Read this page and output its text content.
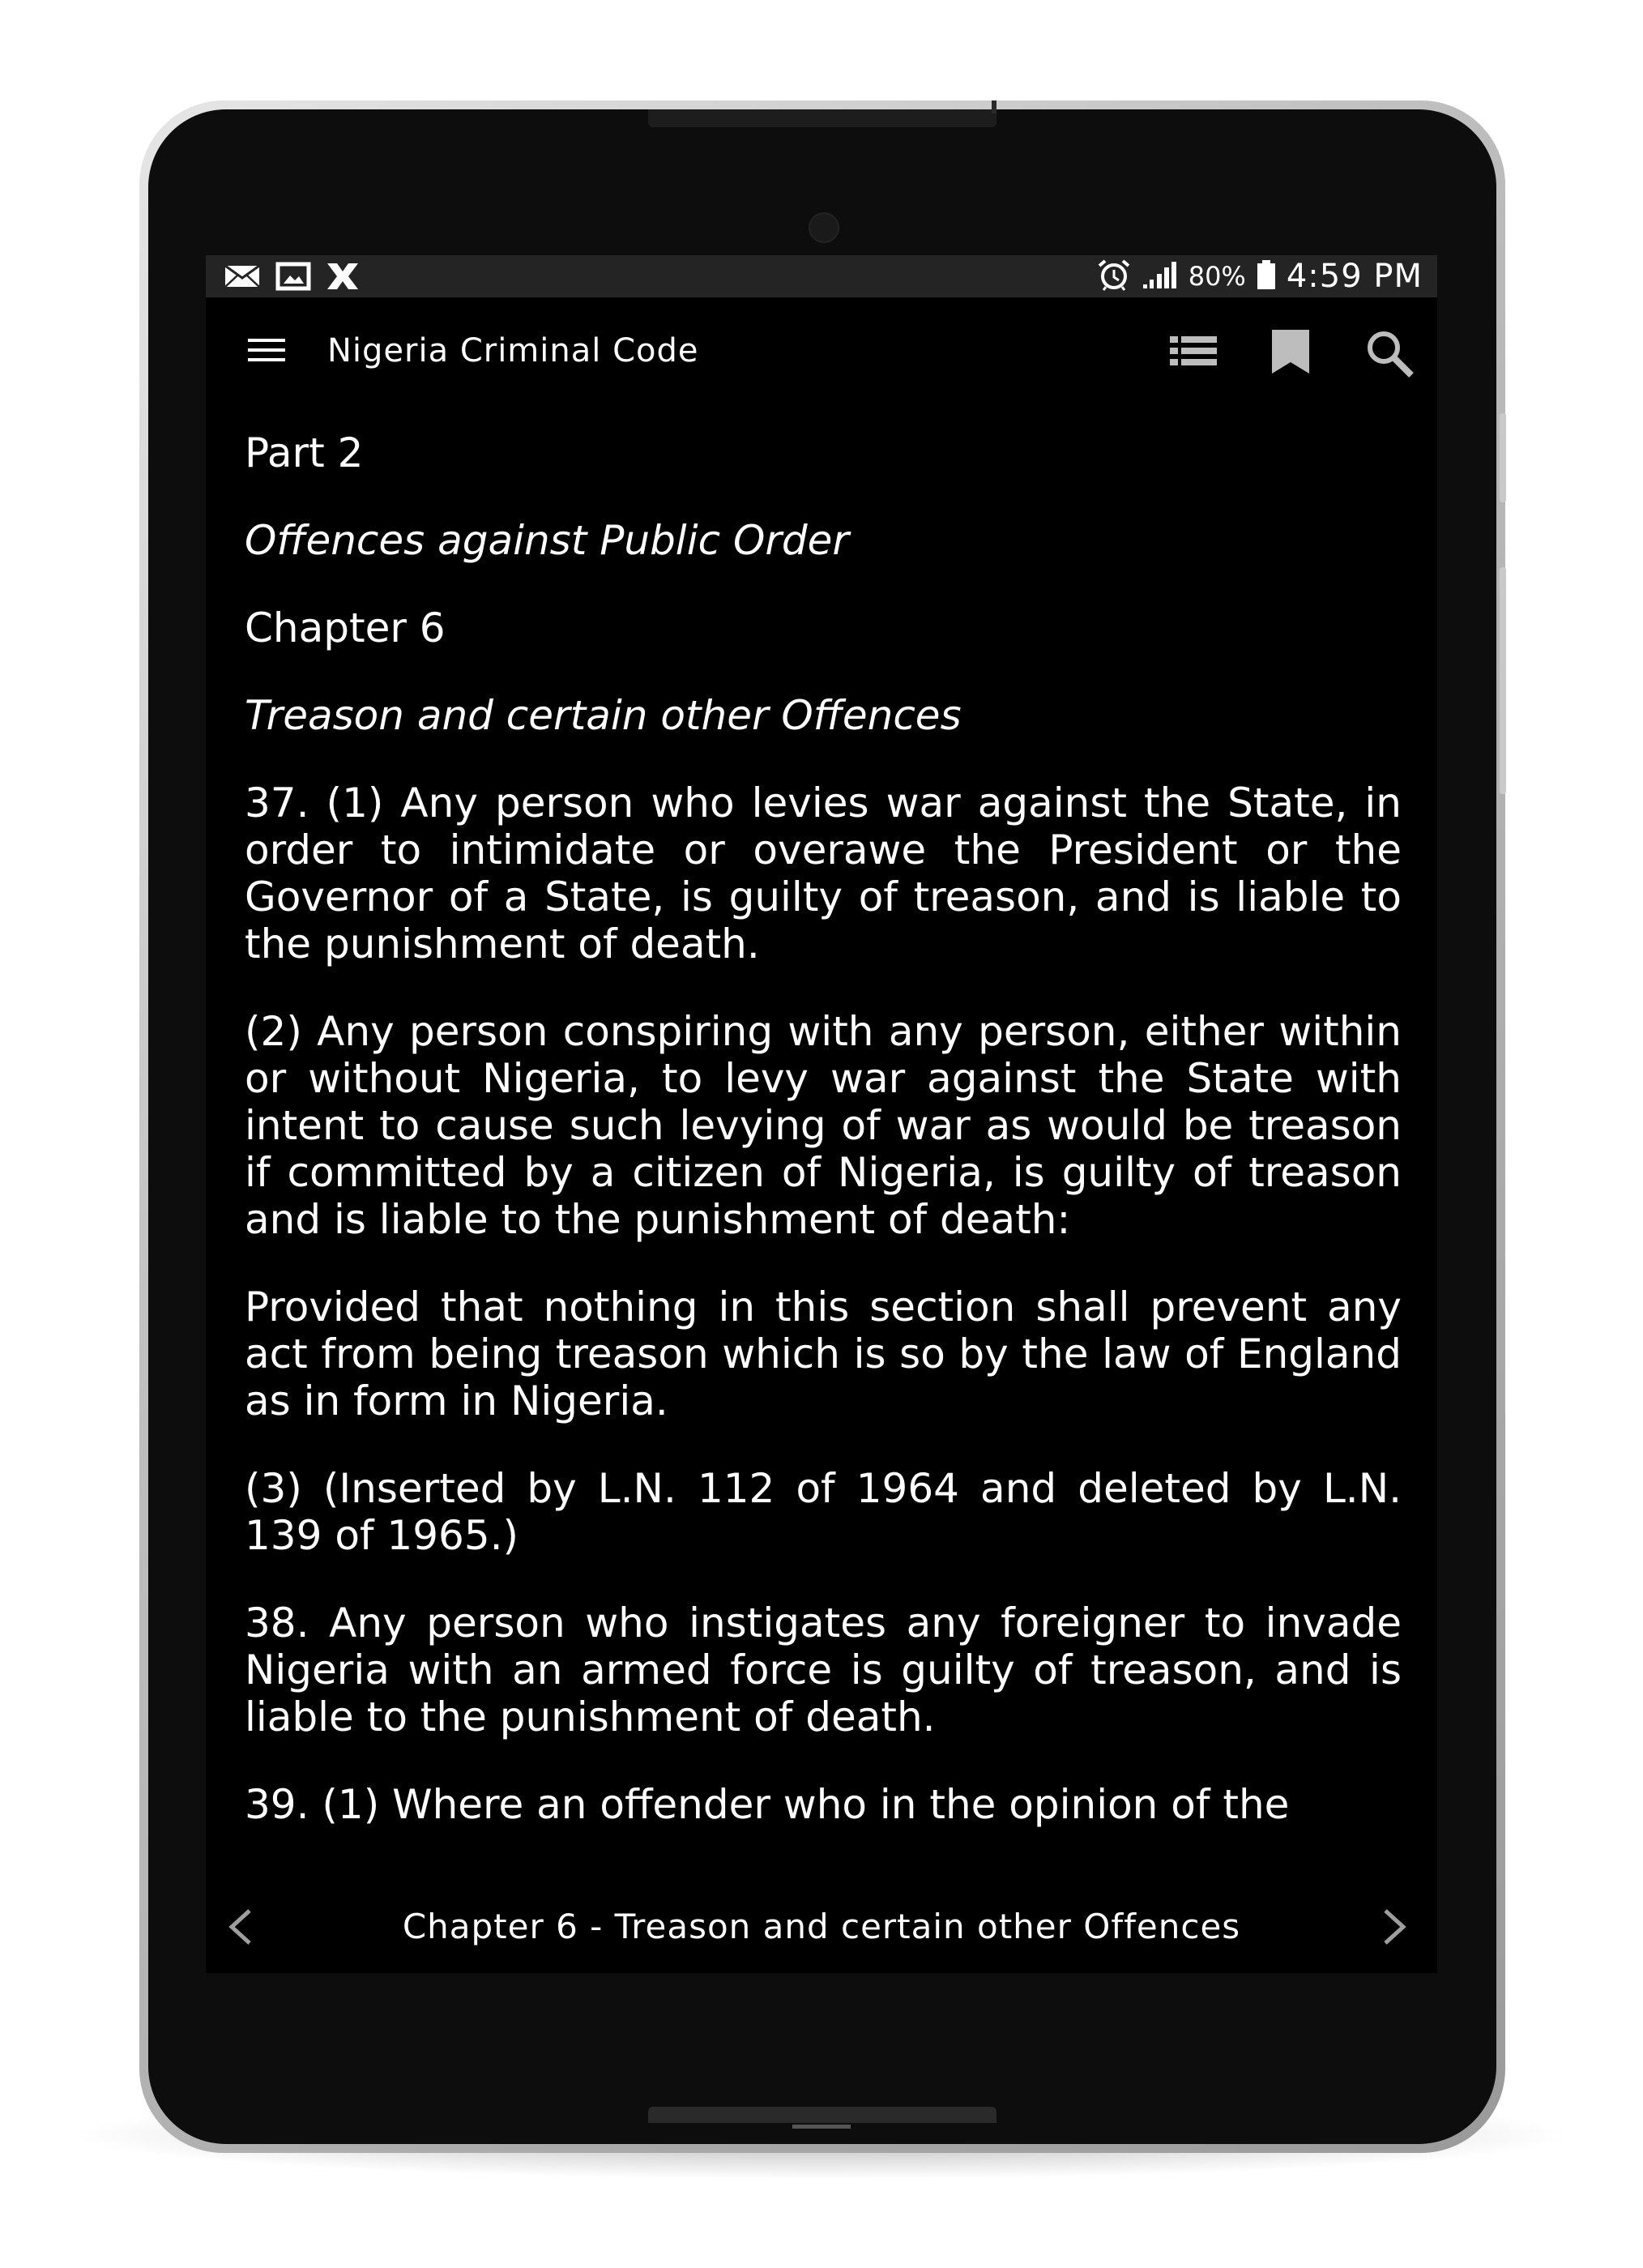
80% 4:59 PM
Nigeria Criminal Code

Part 2

Offences against Public Order

Chapter 6

Treason and certain other Offences

37. (1) Any person who levies war against the State, in order to intimidate or overawe the President or the Governor of a State, is guilty of treason, and is liable to the punishment of death.

(2) Any person conspiring with any person, either within or without Nigeria, to levy war against the State with intent to cause such levying of war as would be treason if committed by a citizen of Nigeria, is guilty of treason and is liable to the punishment of death:

Provided that nothing in this section shall prevent any act from being treason which is so by the law of England as in form in Nigeria.

(3) (Inserted by L.N. 112 of 1964 and deleted by L.N. 139 of 1965.)

38. Any person who instigates any foreigner to invade Nigeria with an armed force is guilty of treason, and is liable to the punishment of death.

39. (1) Where an offender who in the opinion of the

Chapter 6 - Treason and certain other Offences
